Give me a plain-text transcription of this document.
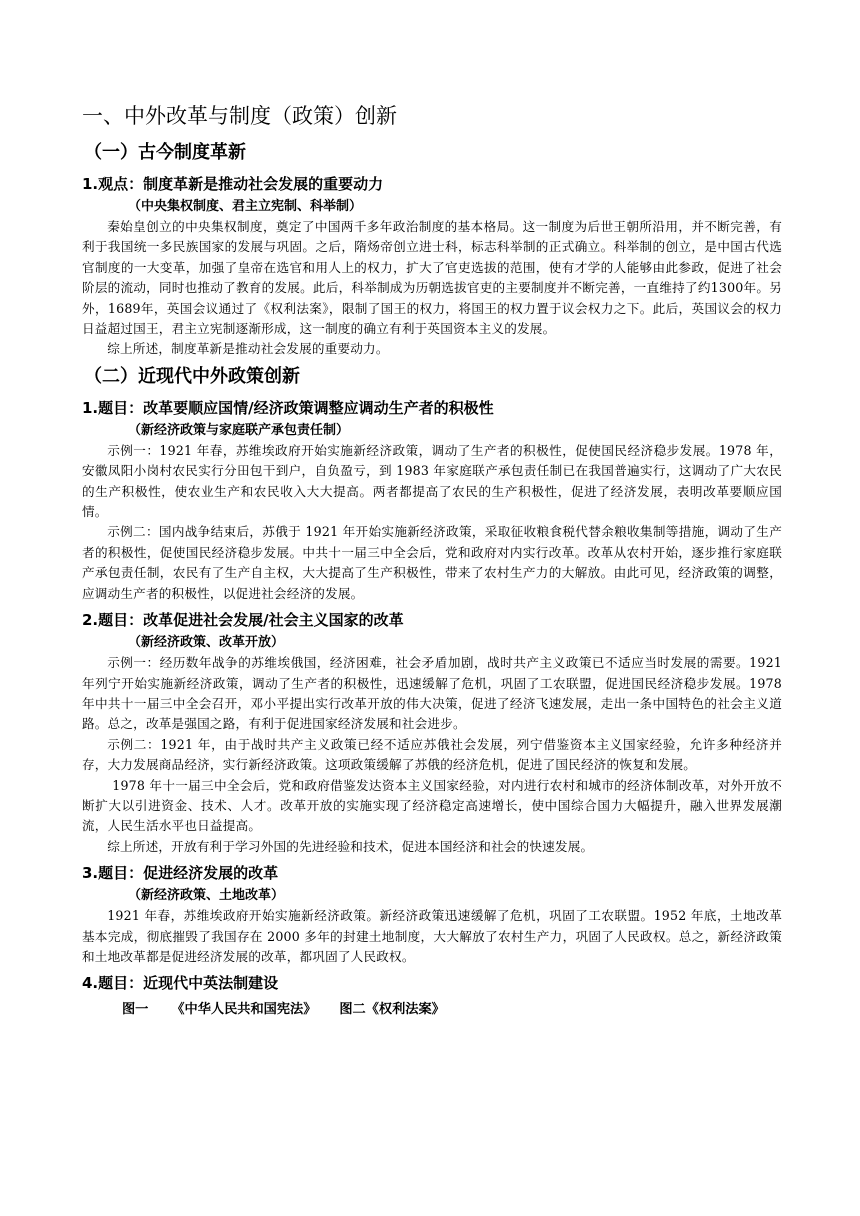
一、中外改革与制度（政策）创新
（一）古今制度革新
1.观点：制度革新是推动社会发展的重要动力
（中央集权制度、君主立宪制、科举制）

秦始皇创立的中央集权制度，奠定了中国两千多年政治制度的基本格局。这一制度为后世王朝所沿用，并不断完善，有利于我国统一多民族国家的发展与巩固。之后，隋炀帝创立进士科，标志科举制的正式确立。科举制的创立，是中国古代选官制度的一大变革，加强了皇帝在选官和用人上的权力，扩大了官吏选拔的范围，使有才学的人能够由此参政，促进了社会阶层的流动，同时也推动了教育的发展。此后，科举制成为历朝选拔官吏的主要制度并不断完善，一直维持了约1300年。另外，1689年，英国会议通过了《权利法案》，限制了国王的权力，将国王的权力置于议会权力之下。此后，英国议会的权力日益超过国王，君主立宪制逐渐形成，这一制度的确立有利于英国资本主义的发展。

综上所述，制度革新是推动社会发展的重要动力。

（二）近现代中外政策创新
1.题目：改革要顺应国情/经济政策调整应调动生产者的积极性
（新经济政策与家庭联产承包责任制）

示例一：1921 年春，苏维埃政府开始实施新经济政策，调动了生产者的积极性，促使国民经济稳步发展。1978 年，安徽凤阳小岗村农民实行分田包干到户，自负盈亏，到 1983 年家庭联产承包责任制已在我国普遍实行，这调动了广大农民的生产积极性，使农业生产和农民收入大大提高。两者都提高了农民的生产积极性，促进了经济发展，表明改革要顺应国情。

示例二：国内战争结束后，苏俄于 1921 年开始实施新经济政策，采取征收粮食税代替余粮收集制等措施，调动了生产者的积极性，促使国民经济稳步发展。中共十一届三中全会后，党和政府对内实行改革。改革从农村开始，逐步推行家庭联产承包责任制，农民有了生产自主权，大大提高了生产积极性，带来了农村生产力的大解放。由此可见，经济政策的调整，应调动生产者的积极性，以促进社会经济的发展。

2.题目：改革促进社会发展/社会主义国家的改革
（新经济政策、改革开放）

示例一：经历数年战争的苏维埃俄国，经济困难，社会矛盾加剧，战时共产主义政策已不适应当时发展的需要。1921 年列宁开始实施新经济政策，调动了生产者的积极性，迅速缓解了危机，巩固了工农联盟，促进国民经济稳步发展。1978 年中共十一届三中全会召开，邓小平提出实行改革开放的伟大决策，促进了经济飞速发展，走出一条中国特色的社会主义道路。总之，改革是强国之路，有利于促进国家经济发展和社会进步。

示例二：1921 年，由于战时共产主义政策已经不适应苏俄社会发展，列宁借鉴资本主义国家经验，允许多种经济并存，大力发展商品经济，实行新经济政策。这项政策缓解了苏俄的经济危机，促进了国民经济的恢复和发展。

1978 年十一届三中全会后，党和政府借鉴发达资本主义国家经验，对内进行农村和城市的经济体制改革，对外开放不断扩大以引进资金、技术、人才。改革开放的实施实现了经济稳定高速增长，使中国综合国力大幅提升，融入世界发展潮流，人民生活水平也日益提高。

综上所述，开放有利于学习外国的先进经验和技术，促进本国经济和社会的快速发展。

3.题目：促进经济发展的改革
（新经济政策、土地改革）

1921 年春，苏维埃政府开始实施新经济政策。新经济政策迅速缓解了危机，巩固了工农联盟。1952 年底，土地改革基本完成，彻底摧毁了我国存在 2000 多年的封建土地制度，大大解放了农村生产力，巩固了人民政权。总之，新经济政策和土地改革都是促进经济发展的改革，都巩固了人民政权。

4.题目：近现代中英法制建设
图一     《中华人民共和国宪法》     图二《权利法案》
